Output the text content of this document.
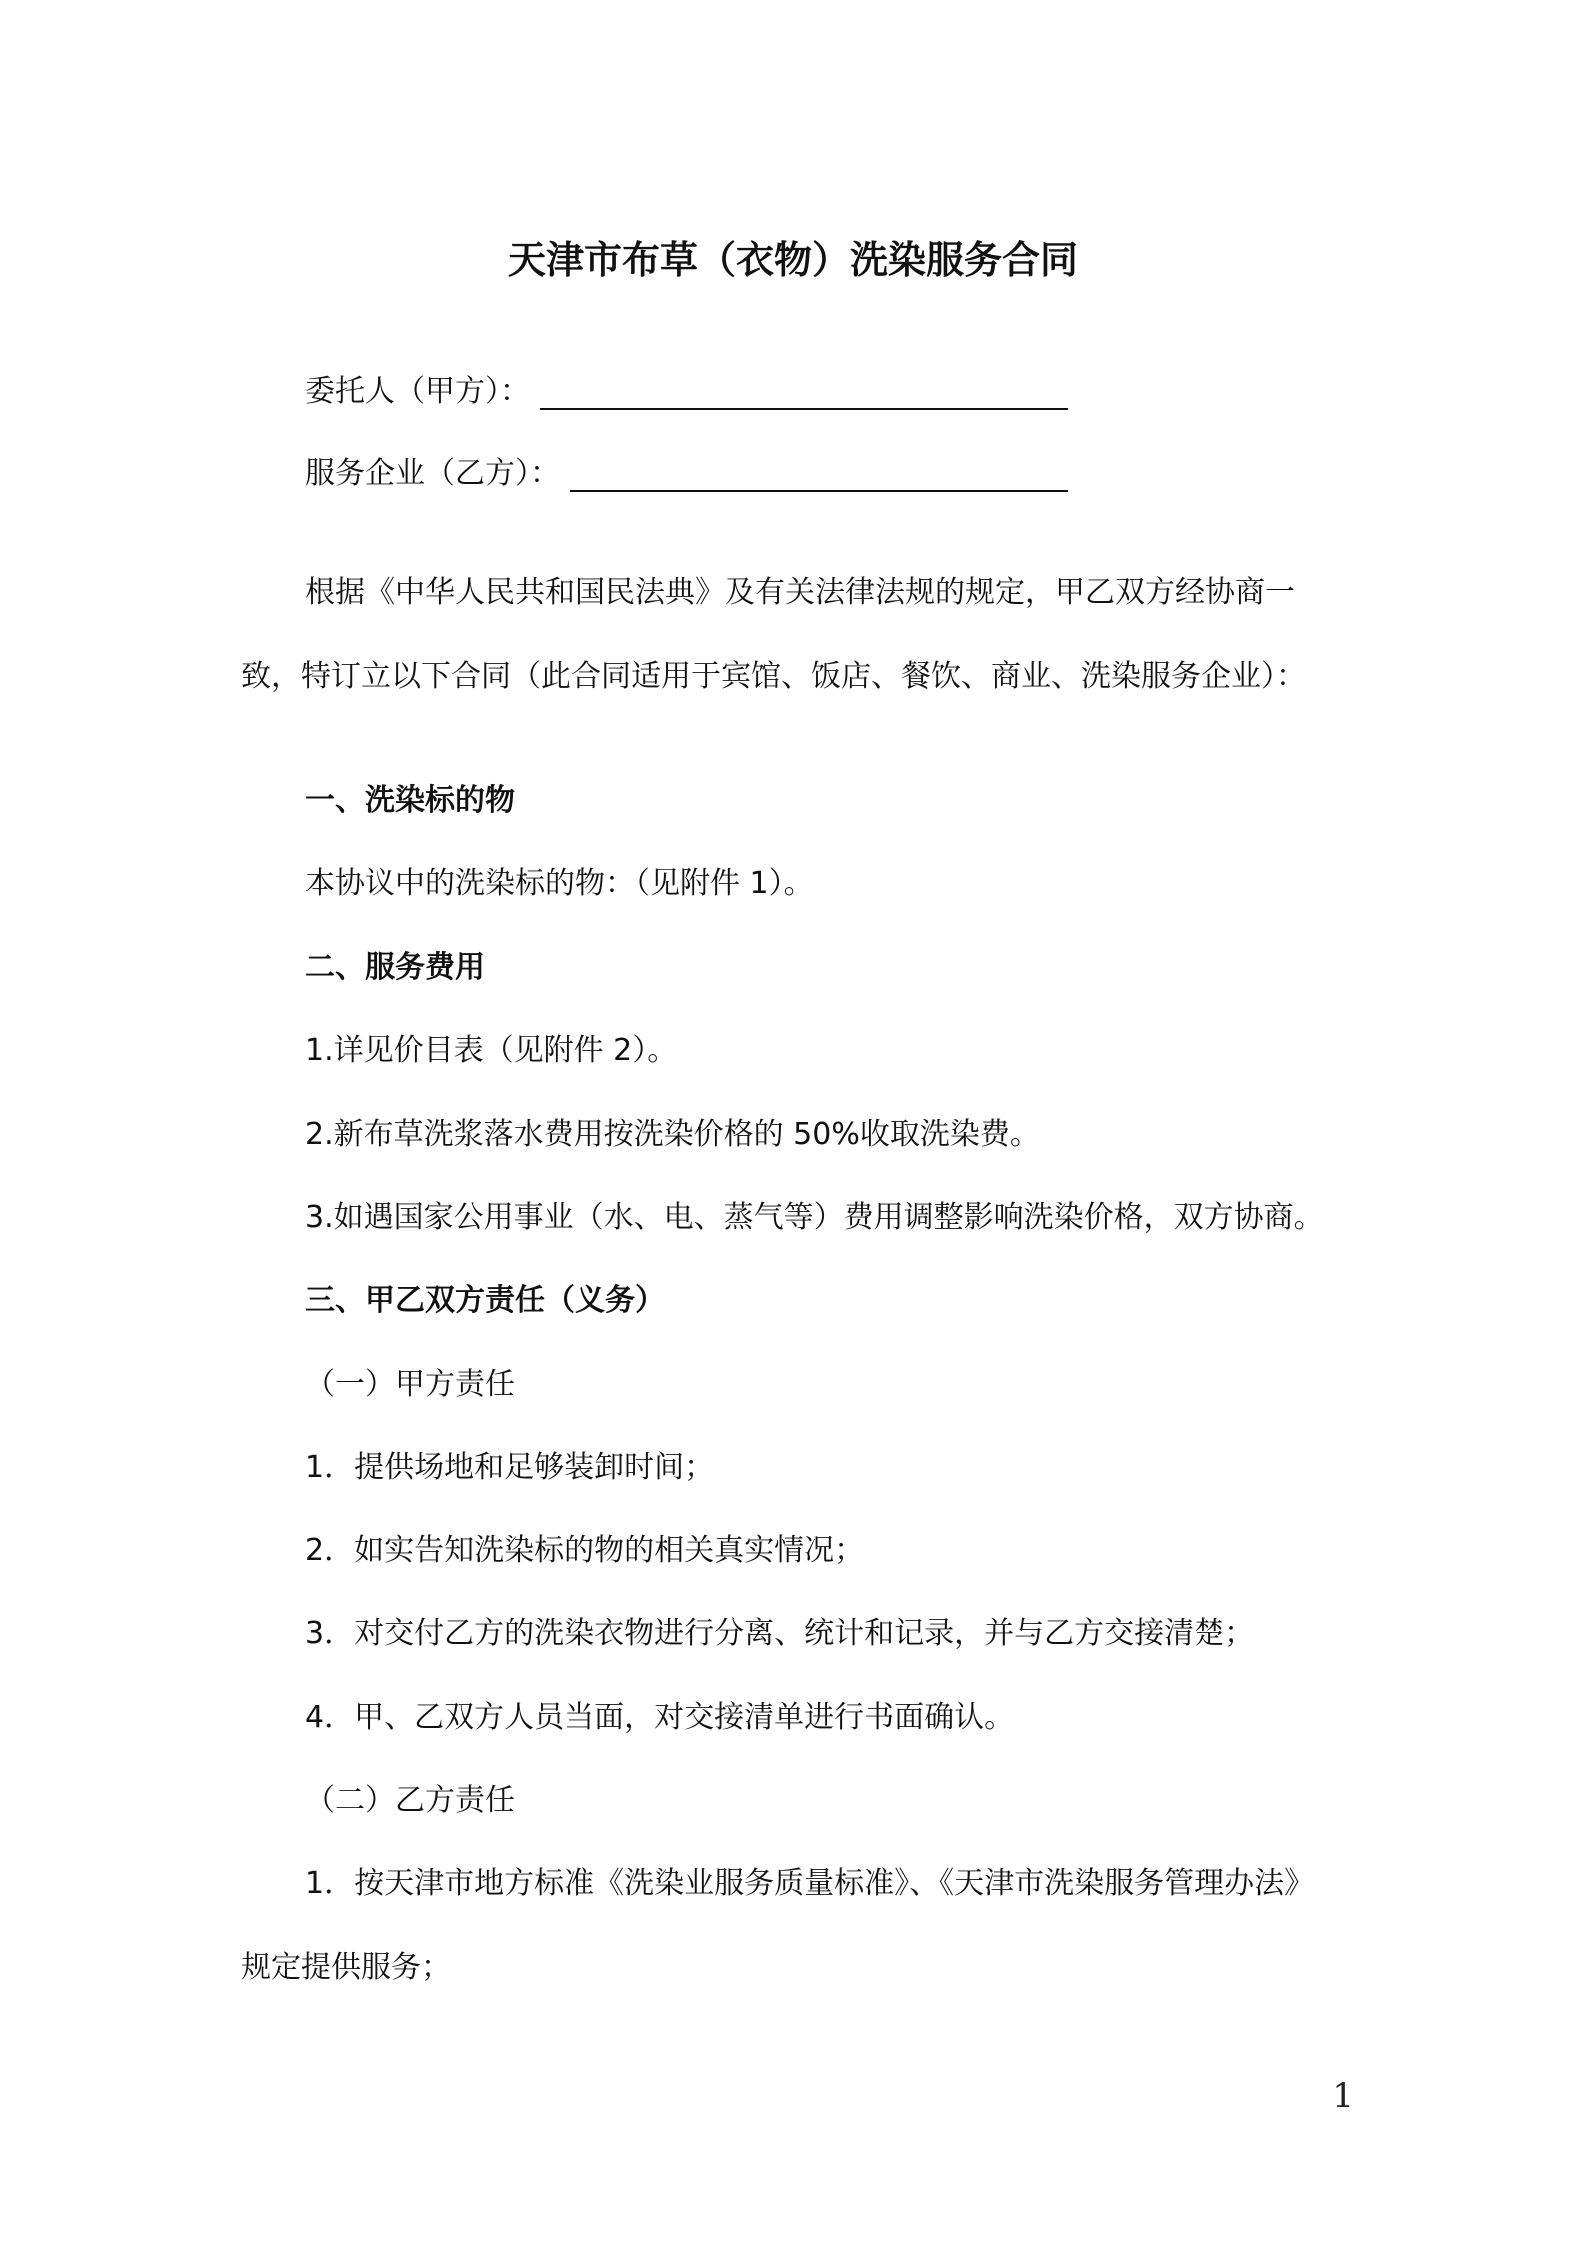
天津市布草（衣物）洗染服务合同
委托人（甲方）：
服务企业（乙方）：
根据《中华人民共和国民法典》及有关法律法规的规定，甲乙双方经协商一
致，特订立以下合同（此合同适用于宾馆、饭店、餐饮、商业、洗染服务企业）：
一、洗染标的物
本协议中的洗染标的物：（见附件 1）。
二、服务费用
1.详见价目表（见附件 2）。
2.新布草洗浆落水费用按洗染价格的 50%收取洗染费。
3.如遇国家公用事业（水、电、蒸气等）费用调整影响洗染价格，双方协商。
三、甲乙双方责任（义务）
（一）甲方责任
1．提供场地和足够装卸时间；
2．如实告知洗染标的物的相关真实情况；
3．对交付乙方的洗染衣物进行分离、统计和记录，并与乙方交接清楚；
4．甲、乙双方人员当面，对交接清单进行书面确认。
（二）乙方责任
1．按天津市地方标准《洗染业服务质量标准》、《天津市洗染服务管理办法》
规定提供服务；
1
